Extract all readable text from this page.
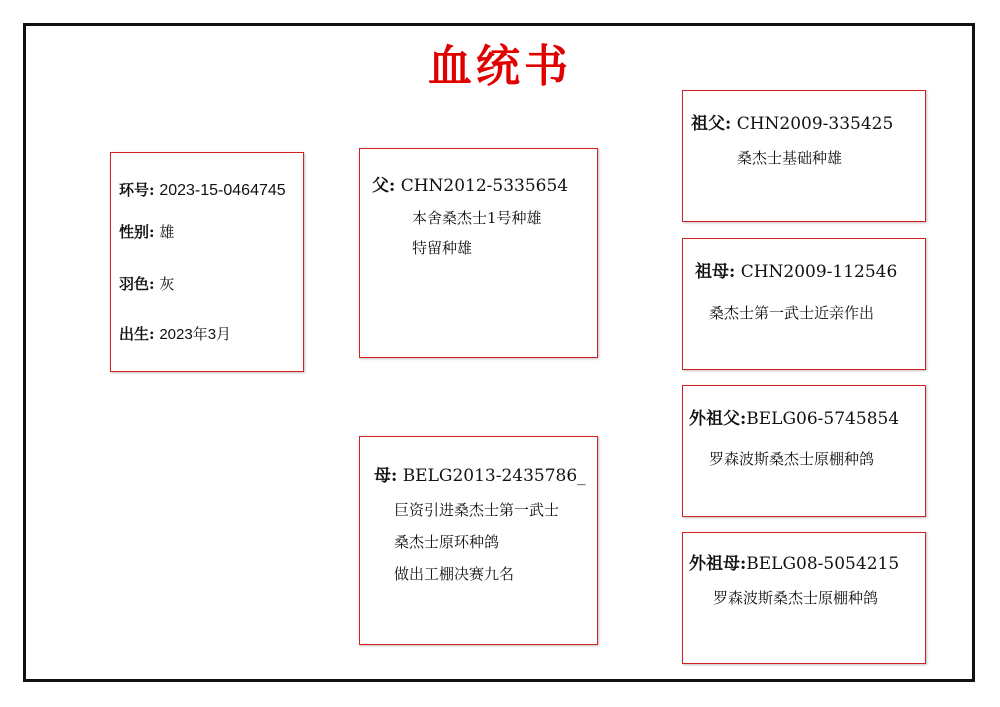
血统书
环号: 2023-15-0464745
性别: 雄
羽色: 灰
出生: 2023年3月
父: CHN2012-5335654
本舍桑杰士1号种雄
特留种雄
母: BELG2013-2435786_
巨资引进桑杰士第一武士
桑杰士原环种鸽
做出工棚决赛九名
祖父: CHN2009-335425
桑杰士基础种雄
祖母: CHN2009-112546
桑杰士第一武士近亲作出
外祖父:BELG06-5745854
罗森波斯桑杰士原棚种鸽
外祖母:BELG08-5054215
罗森波斯桑杰士原棚种鸽
